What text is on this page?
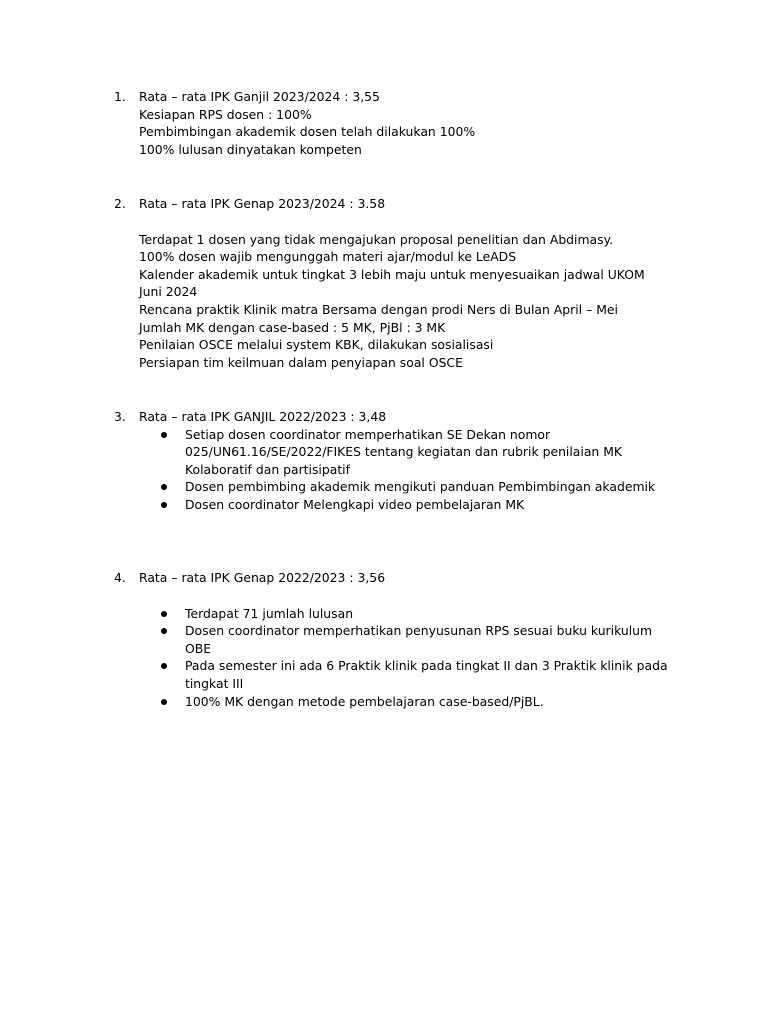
1.	Rata – rata IPK Ganjil 2023/2024 : 3,55
Kesiapan RPS dosen : 100%
Pembimbingan akademik dosen telah dilakukan 100%
100% lulusan dinyatakan kompeten
2.	Rata – rata IPK Genap 2023/2024 : 3.58
Terdapat 1 dosen yang tidak mengajukan proposal penelitian dan Abdimasy.
100% dosen wajib mengunggah materi ajar/modul ke LeADS
Kalender akademik untuk tingkat 3 lebih maju untuk menyesuaikan jadwal UKOM
Juni 2024
Rencana praktik Klinik matra Bersama dengan prodi Ners di Bulan April – Mei
Jumlah MK dengan case-based : 5 MK, PjBl : 3 MK
Penilaian OSCE melalui system KBK, dilakukan sosialisasi
Persiapan tim keilmuan dalam penyiapan soal OSCE
3.	Rata – rata IPK GANJIL 2022/2023 : 3,48
Setiap dosen coordinator memperhatikan SE Dekan nomor
025/UN61.16/SE/2022/FIKES tentang kegiatan dan rubrik penilaian MK
Kolaboratif dan partisipatif
Dosen pembimbing akademik mengikuti panduan Pembimbingan akademik
Dosen coordinator Melengkapi video pembelajaran MK
4.	Rata – rata IPK Genap 2022/2023 : 3,56
Terdapat 71 jumlah lulusan
Dosen coordinator memperhatikan penyusunan RPS sesuai buku kurikulum
OBE
Pada semester ini ada 6 Praktik klinik pada tingkat II dan 3 Praktik klinik pada
tingkat III
100% MK dengan metode pembelajaran case-based/PjBL.
